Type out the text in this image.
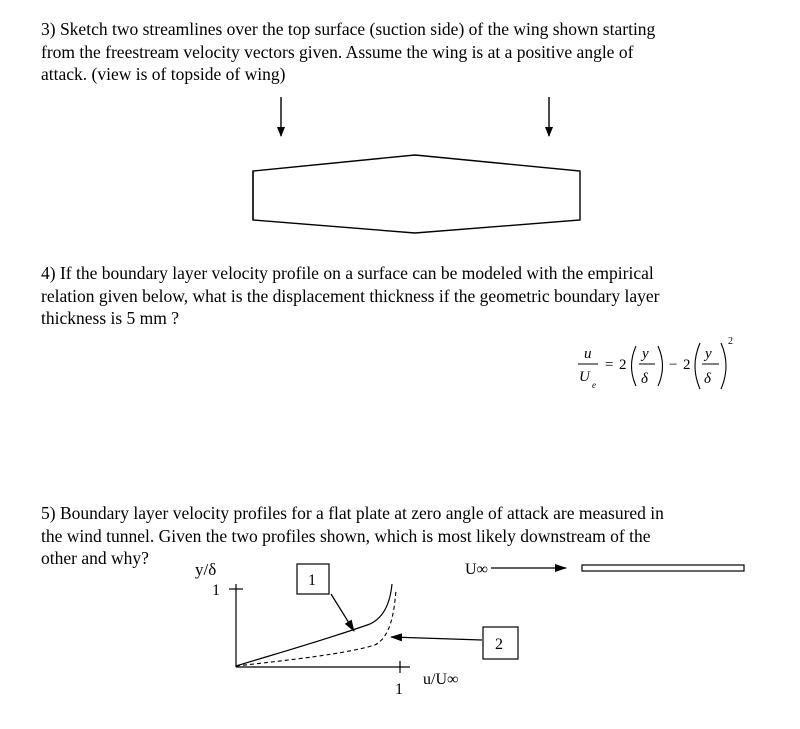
3) Sketch two streamlines over the top surface (suction side) of the wing shown starting
from the freestream velocity vectors given. Assume the wing is at a positive angle of
attack. (view is of topside of wing)
4) If the boundary layer velocity profile on a surface can be modeled with the empirical
relation given below, what is the displacement thickness if the geometric boundary layer
thickness is 5 mm ?
5) Boundary layer velocity profiles for a flat plate at zero angle of attack are measured in
the wind tunnel. Given the two profiles shown, which is most likely downstream of the
other and why?
u
U e
= 2
y
δ
− 2
y
δ
2
y/δ
1
1
u/U∞
1
2
U∞
